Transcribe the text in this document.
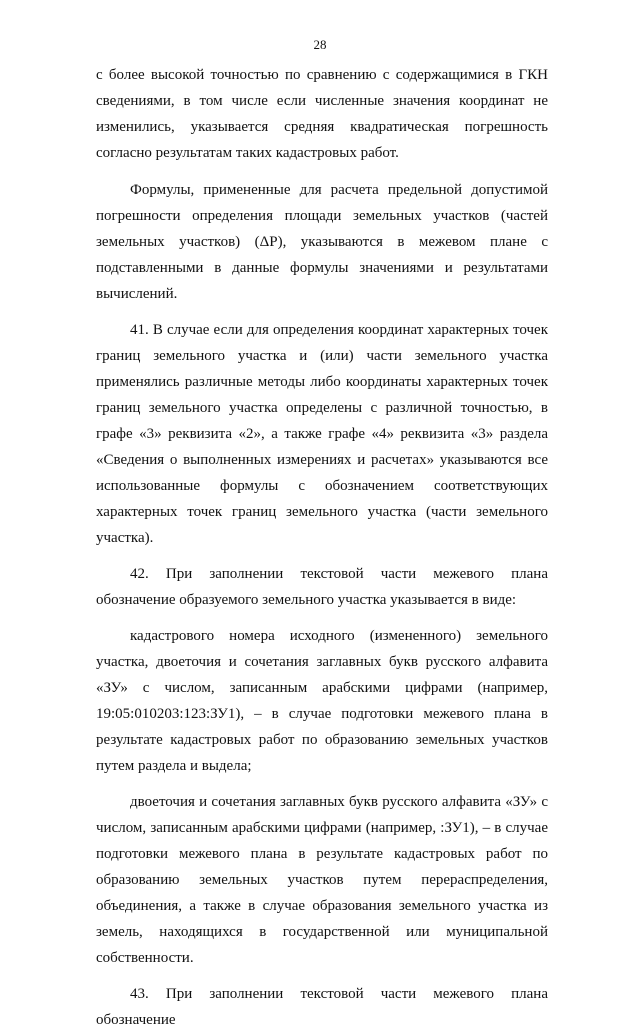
28

с более высокой точностью по сравнению с содержащимися в ГКН сведениями, в том числе если численные значения координат не изменились, указывается средняя квадратическая погрешность согласно результатам таких кадастровых работ.

Формулы, примененные для расчета предельной допустимой погрешности определения площади земельных участков (частей земельных участков) (ΔP), указываются в межевом плане с подставленными в данные формулы значениями и результатами вычислений.

41. В случае если для определения координат характерных точек границ земельного участка и (или) части земельного участка применялись различные методы либо координаты характерных точек границ земельного участка определены с различной точностью, в графе «3» реквизита «2», а также графе «4» реквизита «3» раздела «Сведения о выполненных измерениях и расчетах» указываются все использованные формулы с обозначением соответствующих характерных точек границ земельного участка (части земельного участка).

42. При заполнении текстовой части межевого плана обозначение образуемого земельного участка указывается в виде:

кадастрового номера исходного (измененного) земельного участка, двоеточия и сочетания заглавных букв русского алфавита «ЗУ» с числом, записанным арабскими цифрами (например, 19:05:010203:123:ЗУ1), – в случае подготовки межевого плана в результате кадастровых работ по образованию земельных участков путем раздела и выдела;

двоеточия и сочетания заглавных букв русского алфавита «ЗУ» с числом, записанным арабскими цифрами (например, :ЗУ1), – в случае подготовки межевого плана в результате кадастровых работ по образованию земельных участков путем перераспределения, объединения, а также в случае образования земельного участка из земель, находящихся в государственной или муниципальной собственности.

43. При заполнении текстовой части межевого плана обозначение
